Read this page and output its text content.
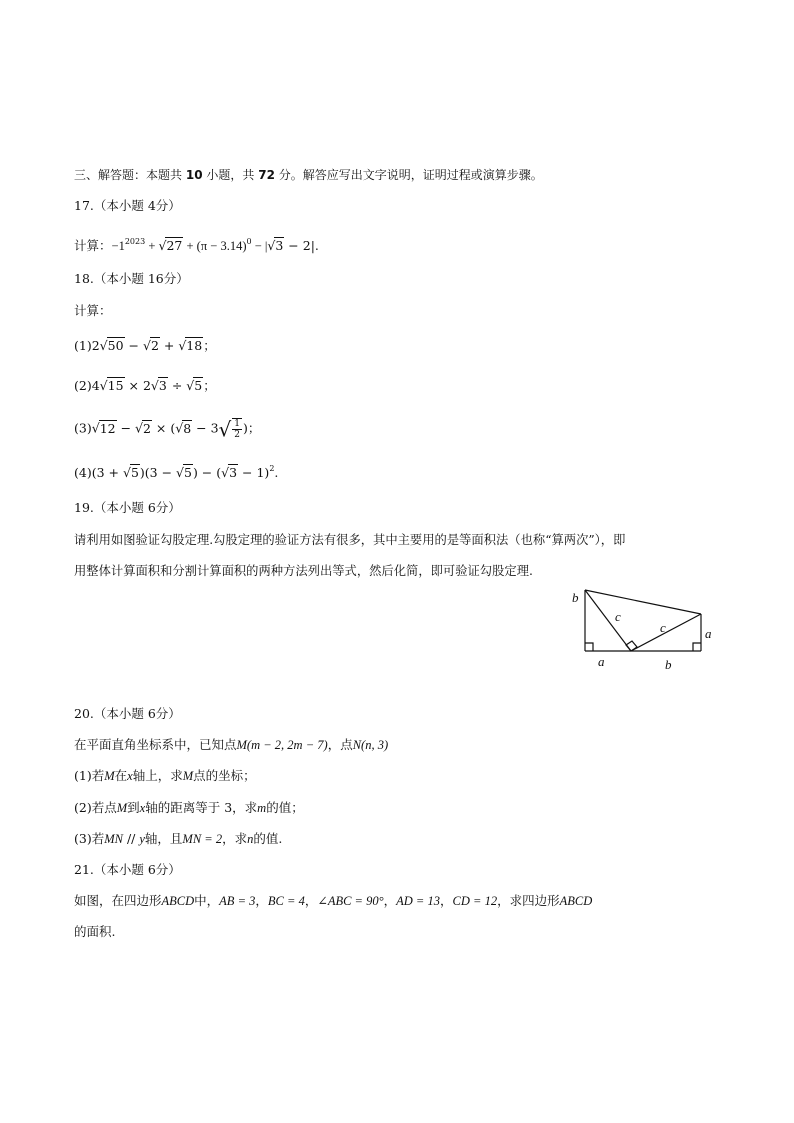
三、解答题：本题共 10 小题，共 72 分。解答应写出文字说明，证明过程或演算步骤。
17.（本小题 4分）
计算：$-1^{2023} + √27 + (\pi - 3.14)^0 - |√3 - 2|$.
18.（本小题 16分）
计算：
(1)2√50 − √2 + √18；
(2)4√15 × 2√3 ÷ √5；
$(3)√12 - √2 \times (√8 - 3√ \frac{1}{2}$ )；
$(4)(3 + √5)(3 - √5) - (√3 - 1)^2$.
19.（本小题 6分）
请利用如图验证勾股定理.勾股定理的验证方法有很多，其中主要用的是等面积法（也称“算两次”），即
用整体计算面积和分割计算面积的两种方法列出等式，然后化简，即可验证勾股定理.
b
c
c	a
a	b
20.（本小题 6分）
在平面直角坐标系中，已知点M(m − 2, 2m − 7)，点N(n, 3)
(1)若M在x轴上，求M点的坐标；
(2)若点M到x轴的距离等于 3，求m的值；
(3)若MN // y轴，且MN = 2，求n的值.
21.（本小题 6分）
如图，在四边形ABCD中，AB = 3，BC = 4，∠ABC = 90°，AD = 13，CD = 12，求四边形ABCD
的面积.
